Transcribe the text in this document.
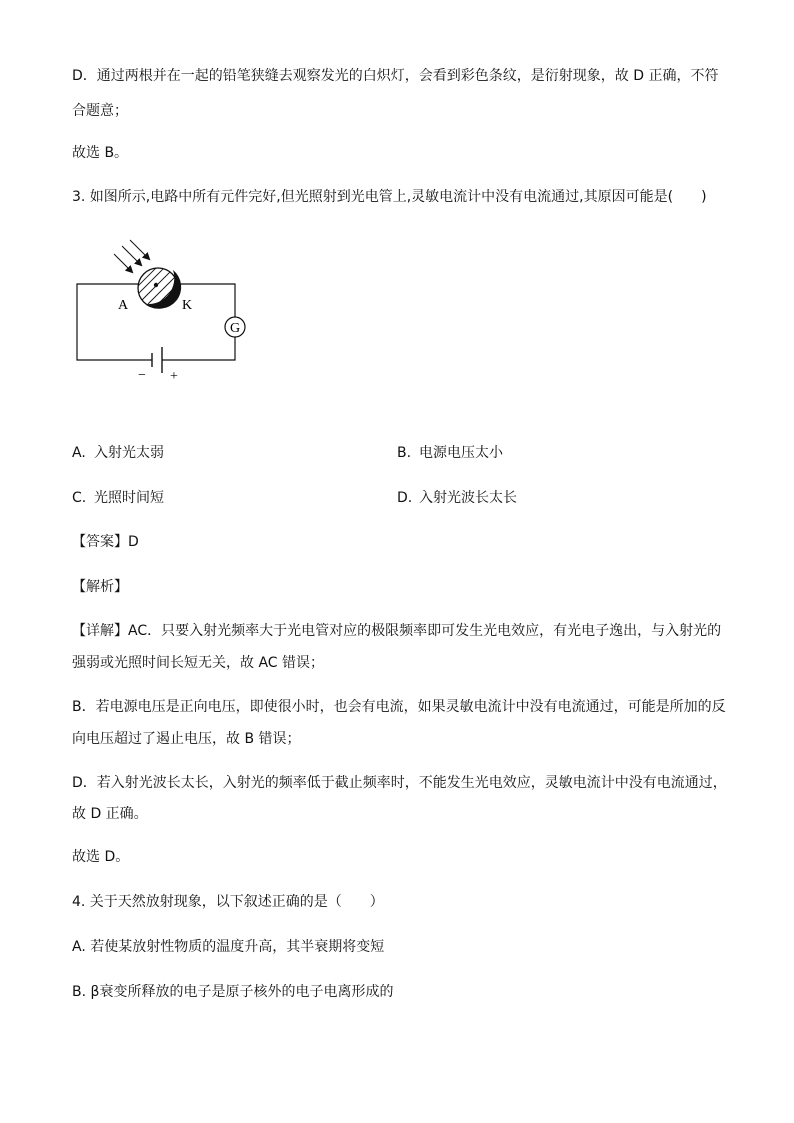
D．通过两根并在一起的铅笔狭缝去观察发光的白炽灯，会看到彩色条纹，是衍射现象，故 D 正确，不符
合题意；
故选 B。
3. 如图所示,电路中所有元件完好,但光照射到光电管上,灵敏电流计中没有电流通过,其原因可能是(　　)
G
A	K
− +
A. 入射光太弱	B. 电源电压太小
C. 光照时间短	D. 入射光波长太长
【答案】D
【解析】
【详解】AC．只要入射光频率大于光电管对应的极限频率即可发生光电效应，有光电子逸出，与入射光的
强弱或光照时间长短无关，故 AC 错误；
B．若电源电压是正向电压，即使很小时，也会有电流，如果灵敏电流计中没有电流通过，可能是所加的反
向电压超过了遏止电压，故 B 错误；
D．若入射光波长太长，入射光的频率低于截止频率时，不能发生光电效应，灵敏电流计中没有电流通过，
故 D 正确。
故选 D。
4. 关于天然放射现象，以下叙述正确的是（　　）
A. 若使某放射性物质的温度升高，其半衰期将变短
B. β衰变所释放的电子是原子核外的电子电离形成的
